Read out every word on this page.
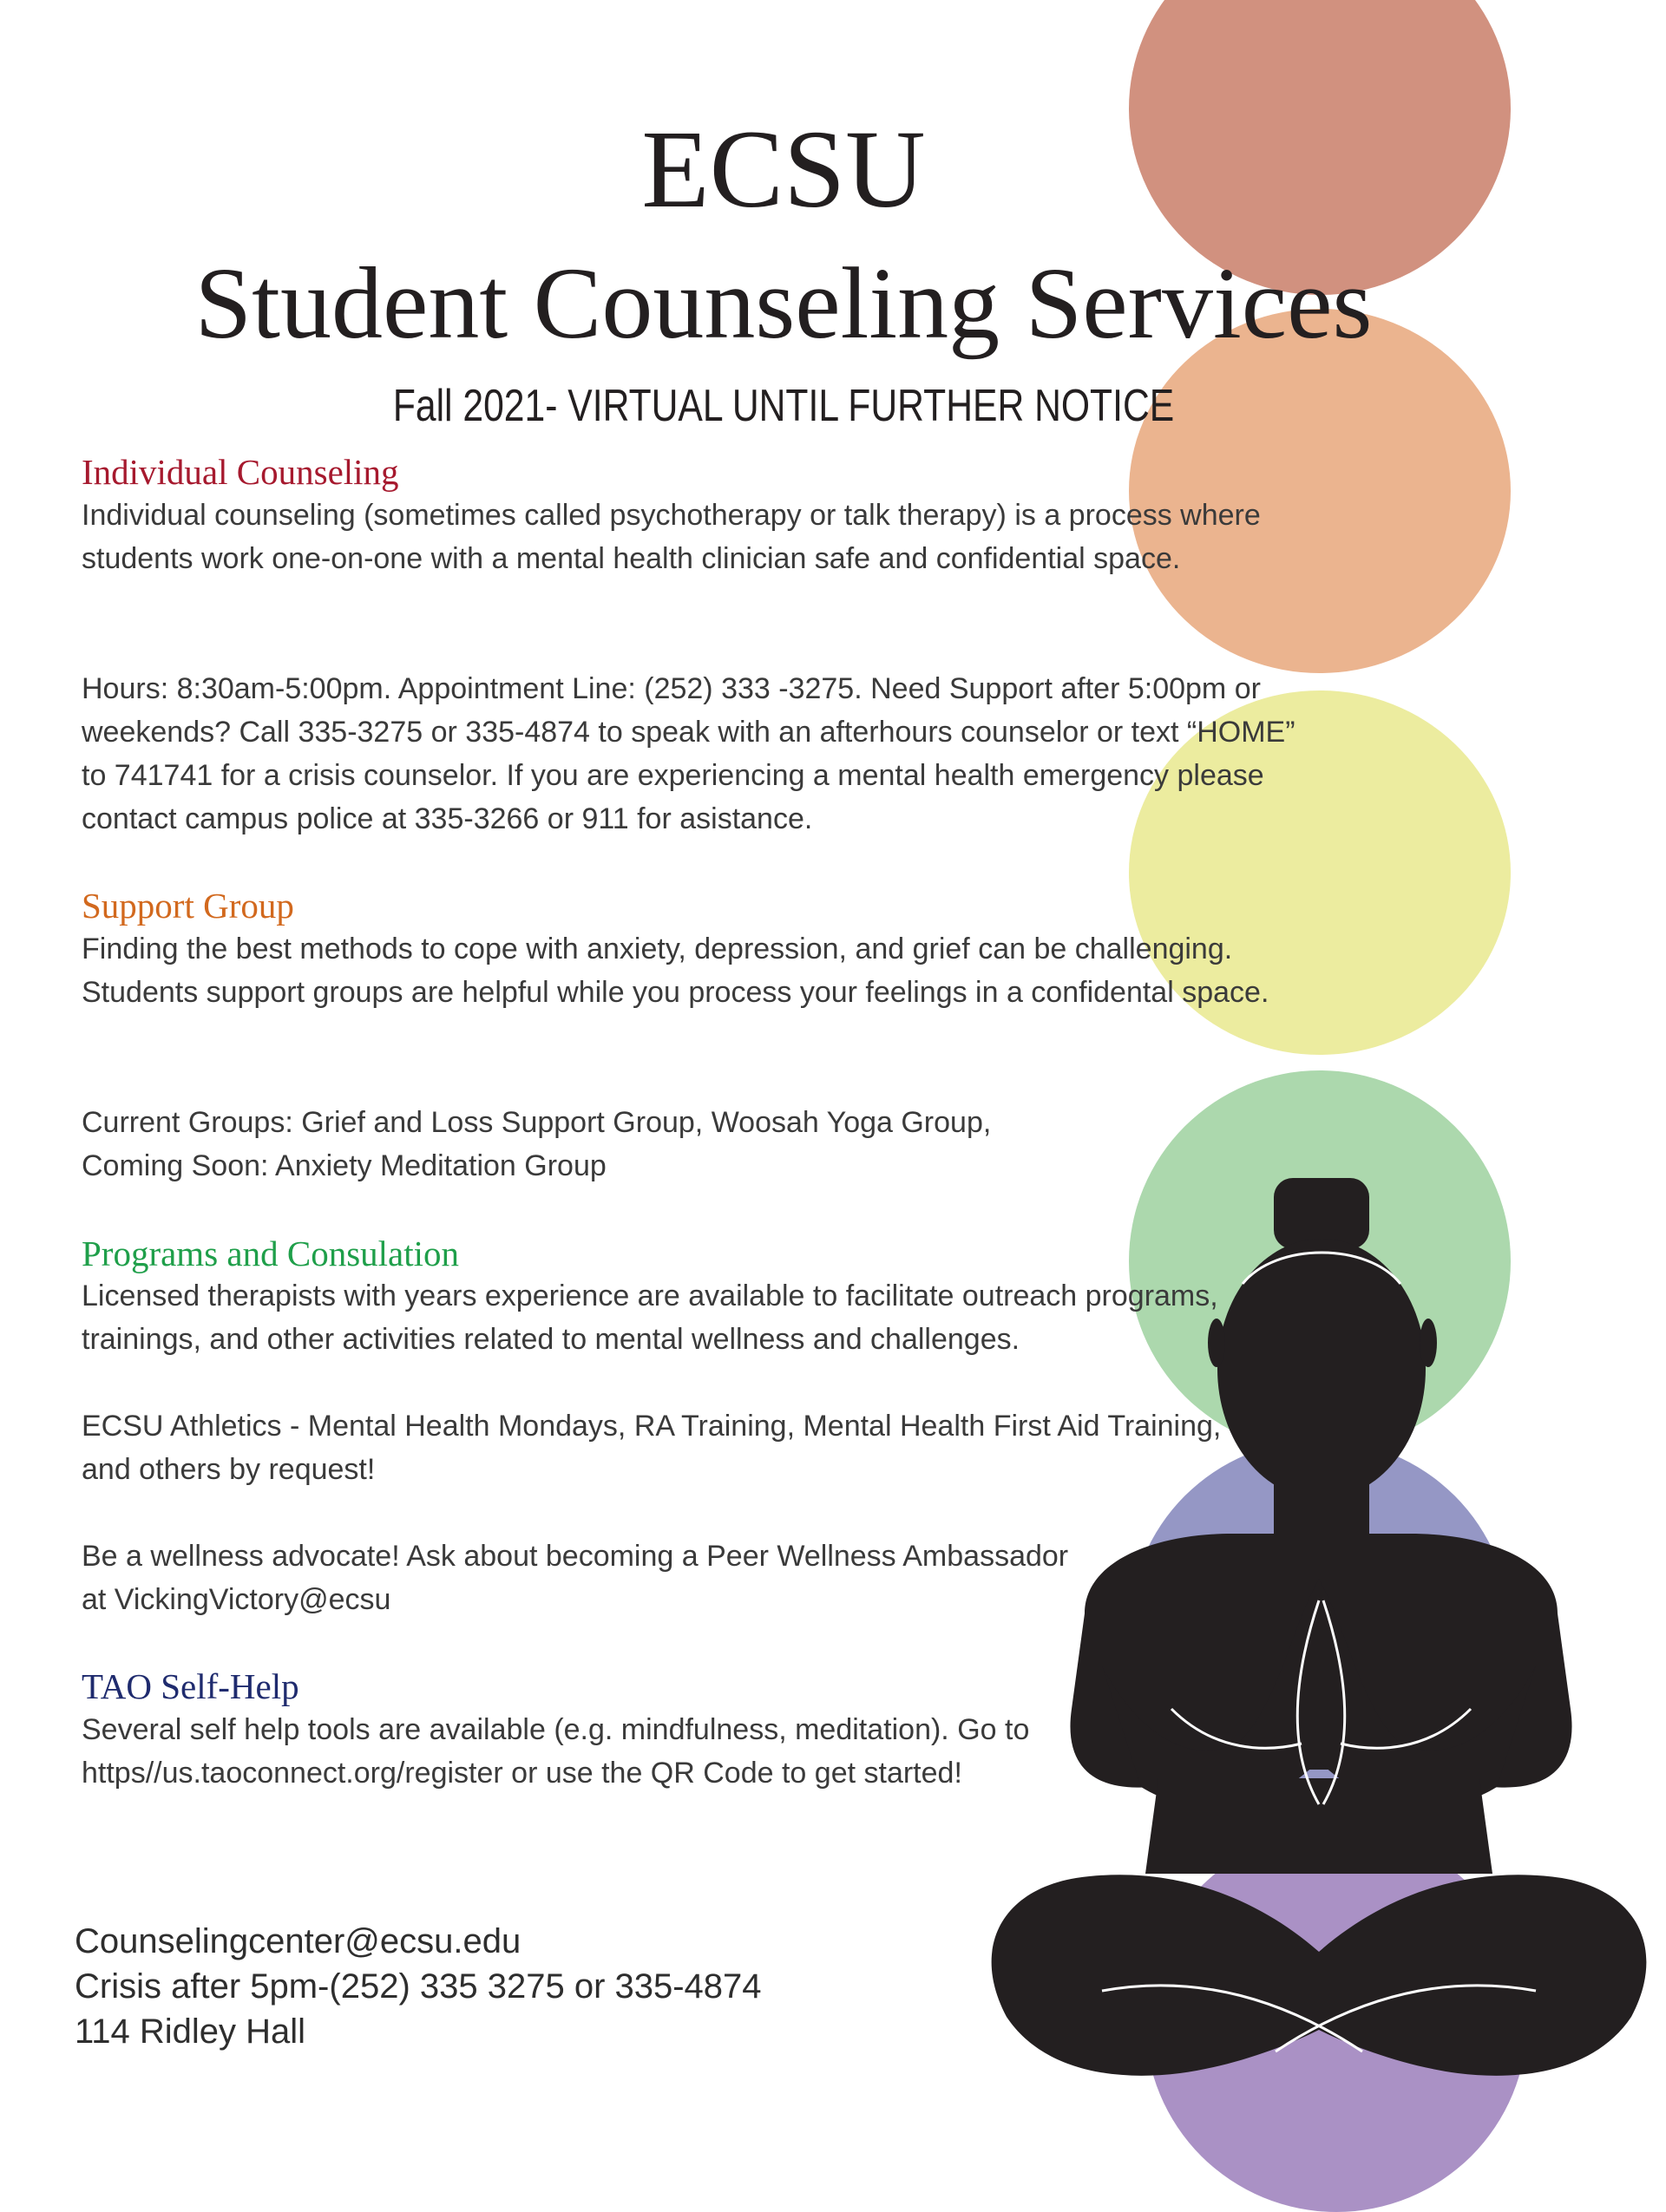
ECSU
Student Counseling Services
Fall 2021- VIRTUAL UNTIL FURTHER NOTICE
Individual Counseling

Individual counseling (sometimes called psychotherapy or talk therapy) is a process where students work one-on-one with a mental health clinician safe and confidential space.

Hours: 8:30am-5:00pm. Appointment Line: (252) 333 -3275. Need Support after 5:00pm or weekends? Call 335-3275 or 335-4874 to speak with an afterhours counselor or text “HOME” to 741741 for a crisis counselor. If you are experiencing a mental health emergency please contact campus police at 335-3266 or 911 for asistance.

Support Group

Finding the best methods to cope with anxiety, depression, and grief can be challenging. Students support groups are helpful while you process your feelings in a confidental space.

Current Groups: Grief and Loss Support Group, Woosah Yoga Group,
Coming Soon: Anxiety Meditation Group
Programs and Consulation

Licensed therapists with years experience are available to facilitate outreach programs, trainings, and other activities related to mental wellness and challenges.

ECSU Athletics - Mental Health Mondays, RA Training, Mental Health First Aid Training, and others by request!

Be a wellness advocate! Ask about becoming a Peer Wellness Ambassador
at VickingVictory@ecsu
TAO Self-Help

Several self help tools are available (e.g. mindfulness, meditation). Go to https//us.taoconnect.org/register or use the QR Code to get started!

Counselingcenter@ecsu.edu
Crisis after 5pm-(252) 335 3275 or 335-4874
114 Ridley Hall
